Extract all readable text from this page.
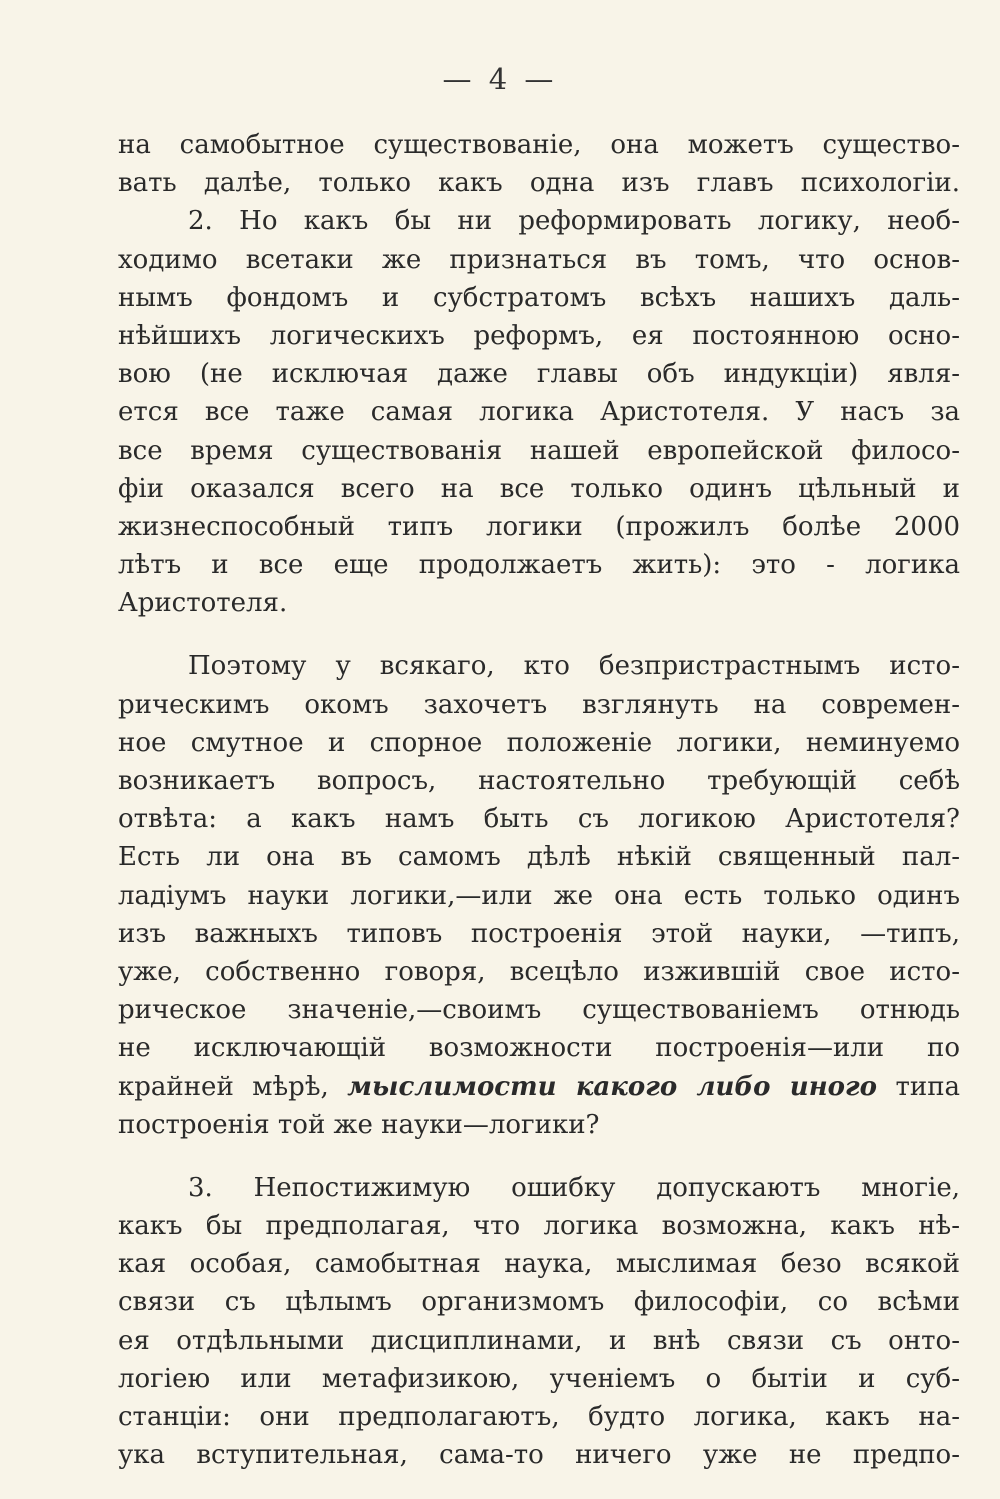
— 4 —
на самобытное существованіе, она можетъ существо-
вать далѣе, только какъ одна изъ главъ психологіи.
2. Но какъ бы ни реформировать логику, необ-
ходимо всетаки же признаться въ томъ, что основ-
нымъ фондомъ и субстратомъ всѣхъ нашихъ даль-
нѣйшихъ логическихъ реформъ, ея постоянною осно-
вою (не исключая даже главы объ индукціи) явля-
ется все таже самая логика Аристотеля. У насъ за
все время существованія нашей европейской филосо-
фіи оказался всего на все только одинъ цѣльный и
жизнеспособный типъ логики (прожилъ болѣе 2000
лѣтъ и все еще продолжаетъ жить): это - логика
Аристотеля.
Поэтому у всякаго, кто безпристрастнымъ исто-
рическимъ окомъ захочетъ взглянуть на современ-
ное смутное и спорное положеніе логики, неминуемо
возникаетъ вопросъ, настоятельно требующій себѣ
отвѣта: а какъ намъ быть съ логикою Аристотеля?
Есть ли она въ самомъ дѣлѣ нѣкій священный пал-
ладіумъ науки логики,—или же она есть только одинъ
изъ важныхъ типовъ построенія этой науки, —типъ,
уже, собственно говоря, всецѣло изжившій свое исто-
рическое значеніе,—своимъ существованіемъ отнюдь
не исключающій возможности построенія—или по
крайней мѣрѣ, мыслимости какого либо иного типа
построенія той же науки—логики?
3. Непостижимую ошибку допускаютъ многіе,
какъ бы предполагая, что логика возможна, какъ нѣ-
кая особая, самобытная наука, мыслимая безо всякой
связи съ цѣлымъ организмомъ философіи, со всѣми
ея отдѣльными дисциплинами, и внѣ связи съ онто-
логіею или метафизикою, ученіемъ о бытіи и суб-
станціи: они предполагаютъ, будто логика, какъ на-
ука вступительная, сама-то ничего уже не предпо-
